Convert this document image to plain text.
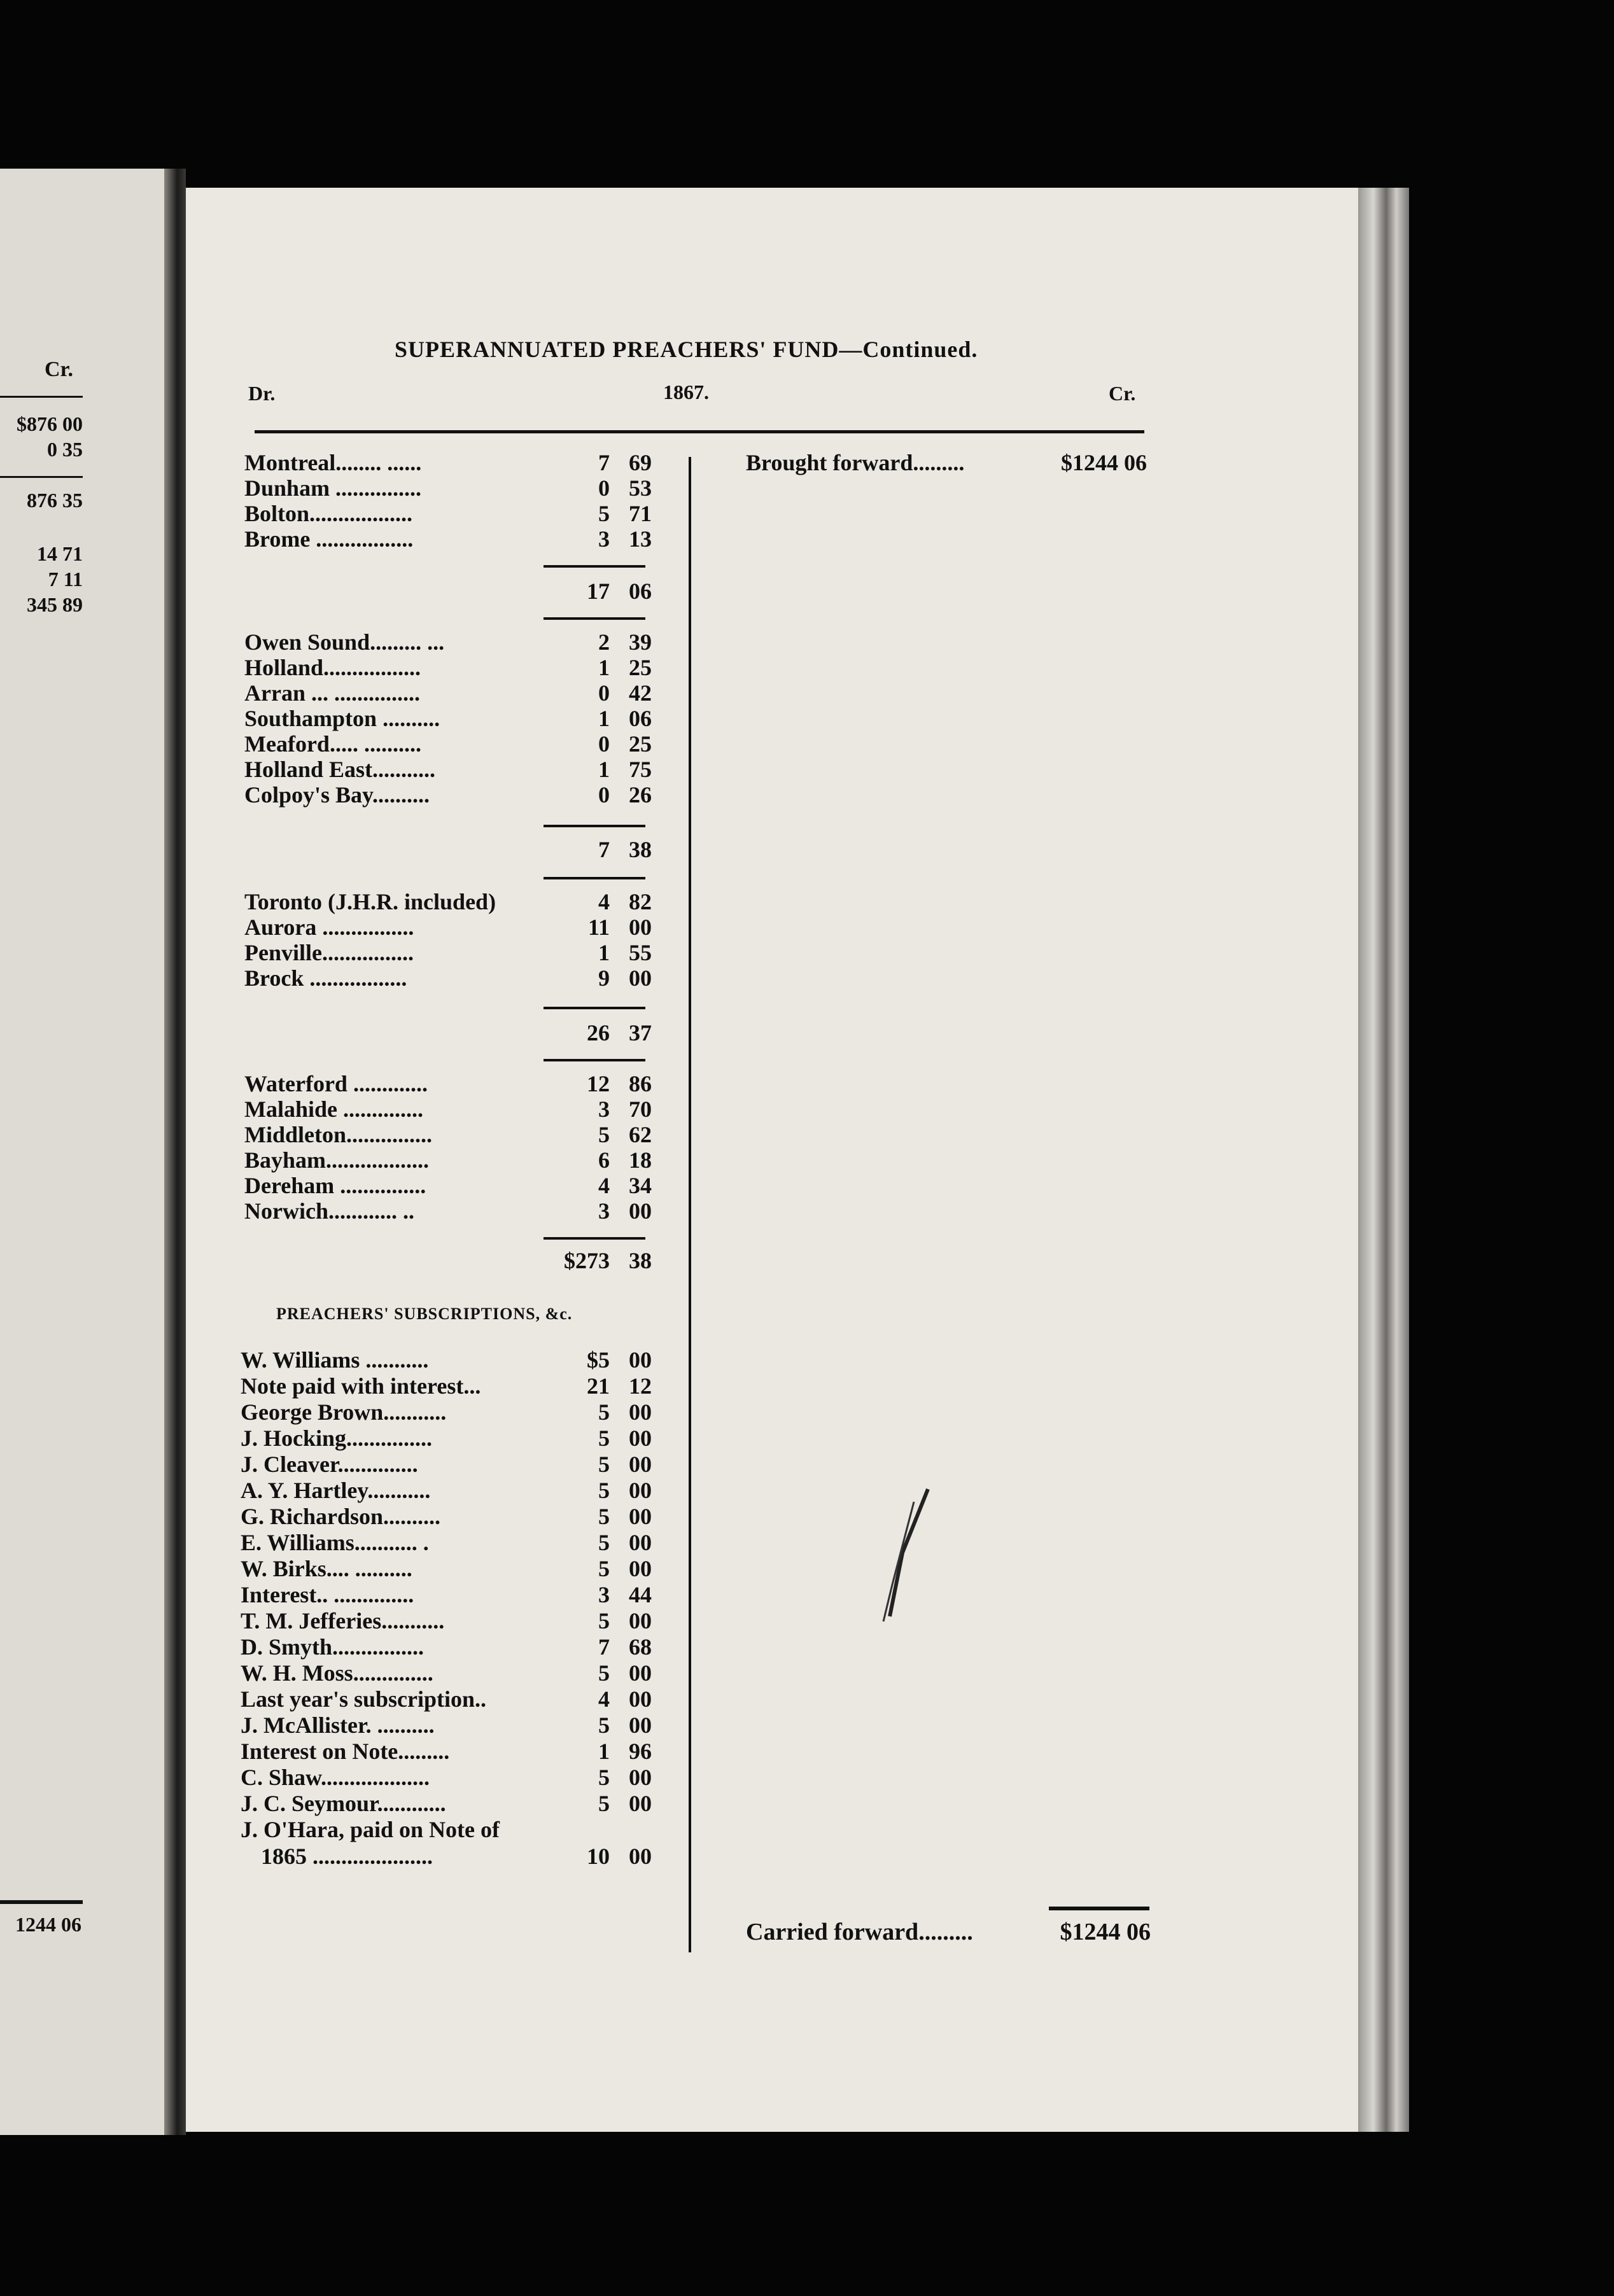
Cr.
$876 00
0 35
876 35
14 71
7 11
345 89
1244 06
SUPERANNUATED PREACHERS' FUND—Continued.
Dr.	1867.	Cr.
Montreal........ ......	7 69
Dunham ...............	0 53
Bolton..................	5 71
Brome .................	3 13
17 06
Owen Sound......... ...	2 39
Holland.................	1 25
Arran ... ...............	0 42
Southampton ..........	1 06
Meaford..... ..........	0 25
Holland East...........	1 75
Colpoy's Bay..........	0 26
7 38
Toronto (J.H.R. included)	4 82
Aurora ................	11 00
Penville................	1 55
Brock .................	9 00
26 37
Waterford .............	12 86
Malahide ..............	3 70
Middleton...............	5 62
Bayham..................	6 18
Dereham ...............	4 34
Norwich............ ..	3 00
$273 38
PREACHERS' SUBSCRIPTIONS, &c.
W. Williams ...........	$5 00
Note paid with interest...	21 12
George Brown...........	5 00
J. Hocking...............	5 00
J. Cleaver..............	5 00
A. Y. Hartley...........	5 00
G. Richardson..........	5 00
E. Williams........... .	5 00
W. Birks.... ..........	5 00
Interest.. ..............	3 44
T. M. Jefferies...........	5 00
D. Smyth................	7 68
W. H. Moss..............	5 00
Last year's subscription..	4 00
J. McAllister. ..........	5 00
Interest on Note.........	1 96
C. Shaw...................	5 00
J. C. Seymour............	5 00
J. O'Hara, paid on Note of
1865 .....................	10 00
Brought forward.........	$1244 06
Carried forward.........	$1244 06
